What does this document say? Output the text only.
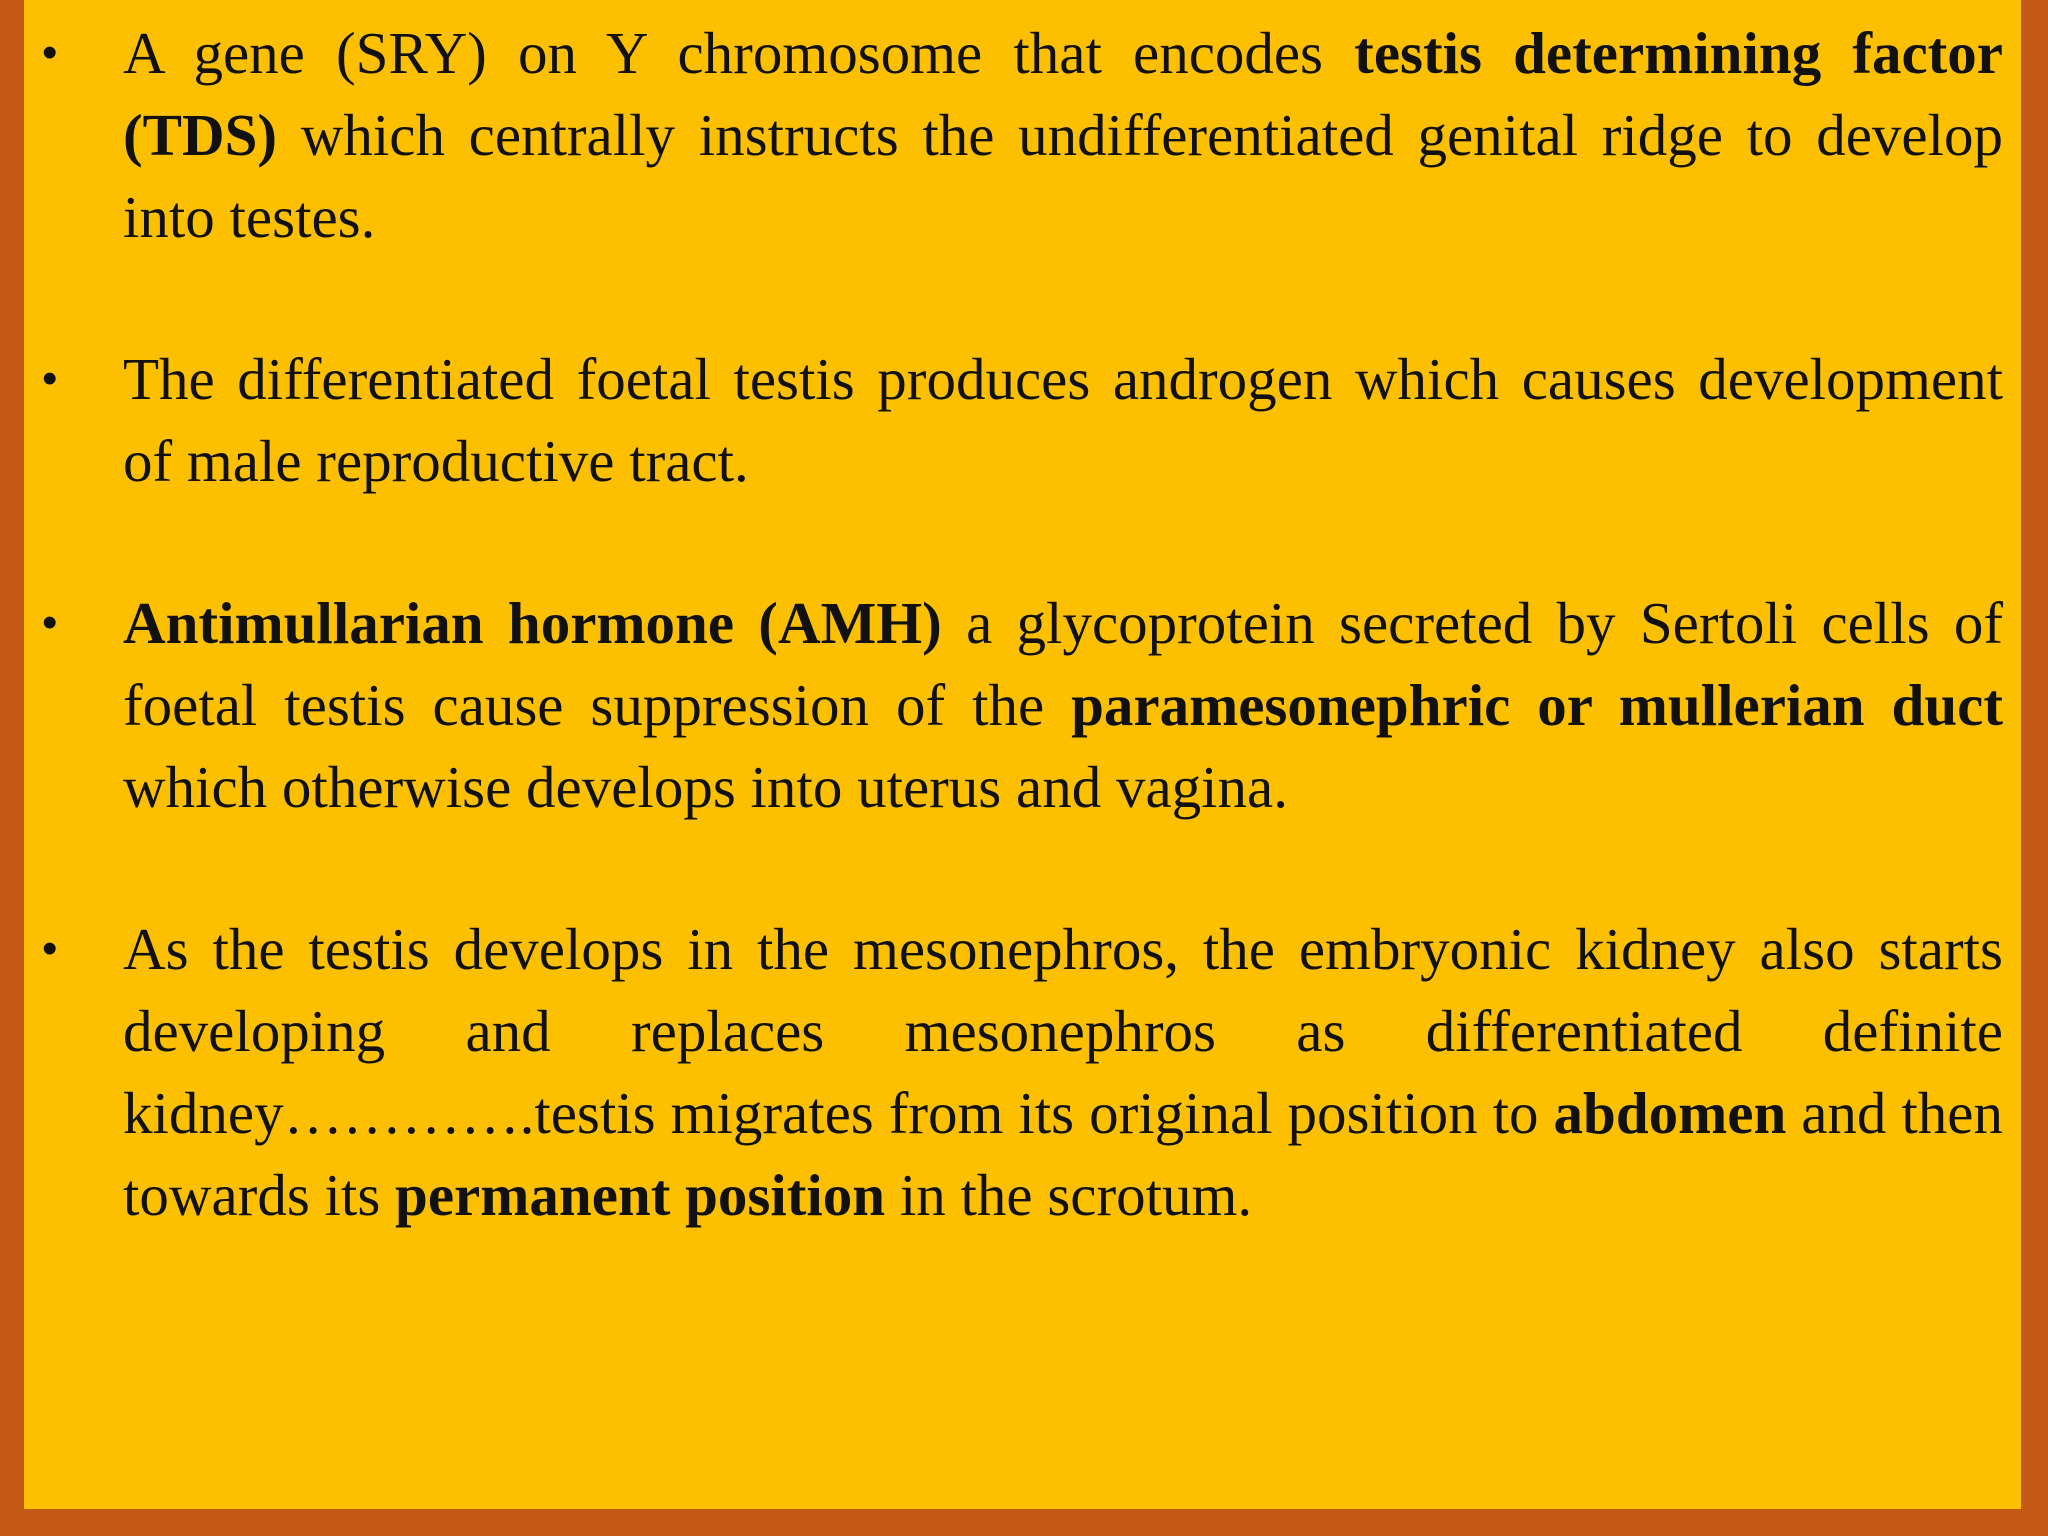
• A gene (SRY) on Y chromosome that encodes testis determining factor (TDS) which centrally instructs the undifferentiated genital ridge to develop into testes.
• The differentiated foetal testis produces androgen which causes development of male reproductive tract.
• Antimullarian hormone (AMH) a glycoprotein secreted by Sertoli cells of foetal testis cause suppression of the paramesonephric or mullerian duct which otherwise develops into uterus and vagina.
• As the testis develops in the mesonephros, the embryonic kidney also starts developing and replaces mesonephros as differentiated definite kidney………….testis migrates from its original position to abdomen and then towards its permanent position in the scrotum.
